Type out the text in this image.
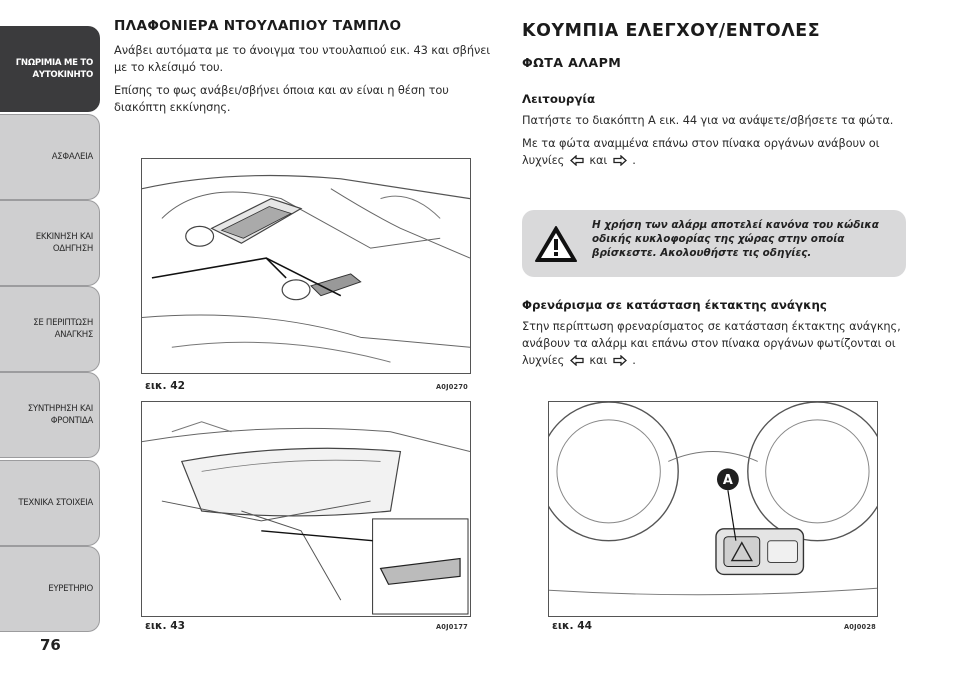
ΓΝΩΡΙΜΙΑ ΜΕ ΤΟ
ΑΥΤΟΚΙΝΗΤΟ
ΑΣΦΑΛΕΙΑ
ΕΚΚΙΝΗΣΗ ΚΑΙ
ΟΔΗΓΗΣΗ
ΣΕ ΠΕΡΙΠΤΩΣΗ
ΑΝΑΓΚΗΣ
ΣΥΝΤΗΡΗΣΗ ΚΑΙ
ΦΡΟΝΤΙΔΑ
ΤΕΧΝΙΚΑ ΣΤΟΙΧΕΙΑ
ΕΥΡΕΤΗΡΙΟ
76
ΠΛΑΦΟΝΙΕΡΑ ΝΤΟΥΛΑΠΙΟΥ ΤΑΜΠΛΟ

Ανάβει αυτόματα με το άνοιγμα του ντουλαπιού εικ. 43 και σβήνει με το κλείσιμό του.

Επίσης το φως ανάβει/σβήνει όποια και αν είναι η θέση του διακόπτη εκκίνησης.

ΚΟΥΜΠΙΑ ΕΛΕΓΧΟΥ/ΕΝΤΟΛΕΣ
ΦΩΤΑ ΑΛΑΡΜ
Λειτουργία

Πατήστε το διακόπτη A εικ. 44 για να ανάψετε/σβήσετε τα φώτα.

Με τα φώτα αναμμένα επάνω στον πίνακα οργάνων ανάβουν οι λυχνίες και .

Η χρήση των αλάρμ αποτελεί κανόνα του κώδικα οδικής κυκλοφορίας της χώρας στην οποία βρίσκεστε. Ακολουθήστε τις οδηγίες.
Φρενάρισμα σε κατάσταση έκτακτης ανάγκης

Στην περίπτωση φρεναρίσματος σε κατάσταση έκτακτης ανάγκης, ανάβουν τα αλάρμ και επάνω στον πίνακα οργάνων φωτίζονται οι λυχνίες και .

εικ. 42	A0J0270
εικ. 43	A0J0177
A
εικ. 44	A0J0028
